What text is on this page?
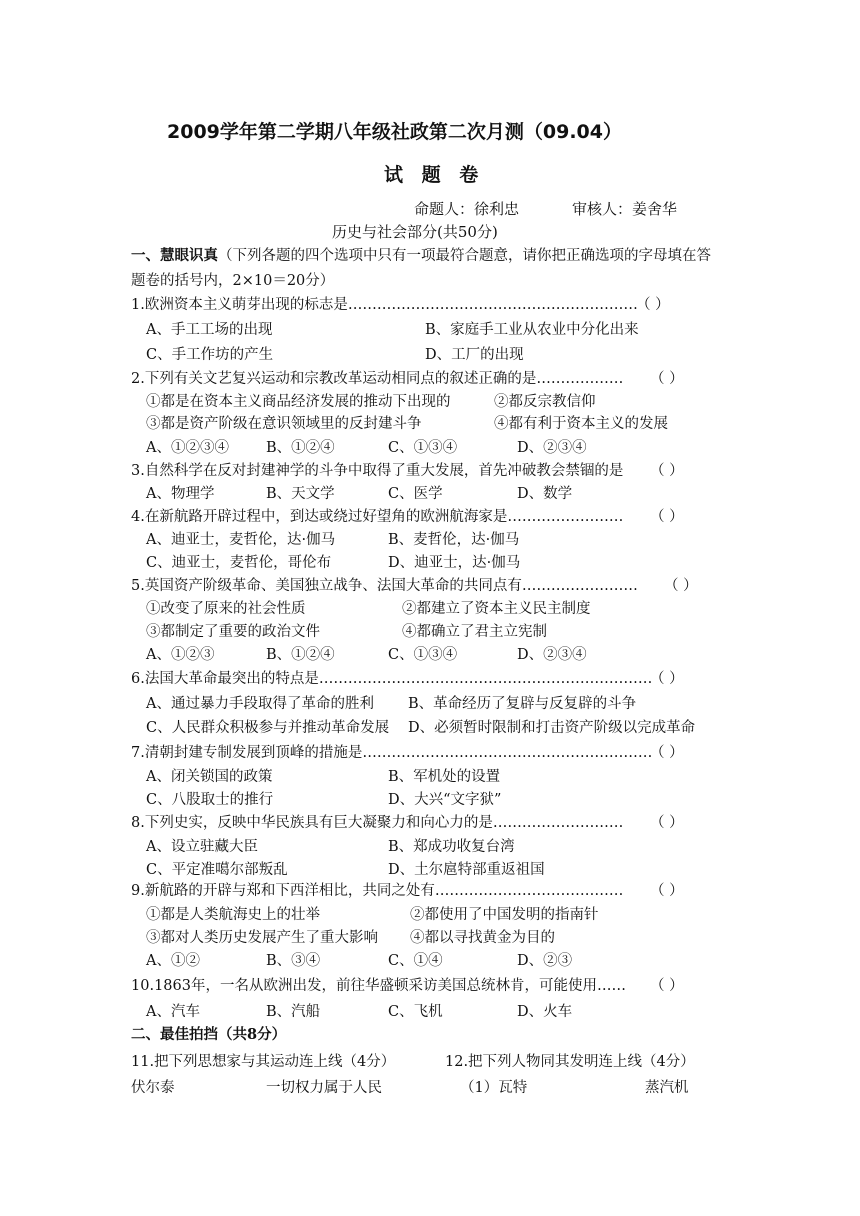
2009学年第二学期八年级社政第二次月测（09.04）
试 题 卷
命题人：徐利忠	审核人：姜舍华
历史与社会部分(共50分)
一、慧眼识真（下列各题的四个选项中只有一项最符合题意，请你把正确选项的字母填在答
题卷的括号内，2×10＝20分）
1.欧洲资本主义萌芽出现的标志是……………………………………………………
（ ）
A、手工工场的出现	B、家庭手工业从农业中分化出来
C、手工作坊的产生	D、工厂的出现
2.下列有关文艺复兴运动和宗教改革运动相同点的叙述正确的是……………… （ ）
①都是在资本主义商品经济发展的推动下出现的	②都反宗教信仰
③都是资产阶级在意识领域里的反封建斗争	④都有利于资本主义的发展
A、①②③④	B、①②④	C、①③④	D、②③④
3.自然科学在反对封建神学的斗争中取得了重大发展，首先冲破教会禁锢的是 （ ）
A、物理学	B、天文学	C、医学	D、数学
4.在新航路开辟过程中，到达或绕过好望角的欧洲航海家是…………………… （ ）
A、迪亚士，麦哲伦，达·伽马	B、麦哲伦，达·伽马
C、迪亚士，麦哲伦，哥伦布	D、迪亚士，达·伽马
5.英国资产阶级革命、美国独立战争、法国大革命的共同点有…………………… （ ）
①改变了原来的社会性质	②都建立了资本主义民主制度
③都制定了重要的政治文件	④都确立了君主立宪制
A、①②③	B、①②④	C、①③④	D、②③④
6.法国大革命最突出的特点是……………………………………………………………
（ ）
A、通过暴力手段取得了革命的胜利 B、革命经历了复辟与反复辟的斗争
C、人民群众积极参与并推动革命发展 D、必须暂时限制和打击资产阶级以完成革命
7.清朝封建专制发展到顶峰的措施是……………………………………………………
（ ）
A、闭关锁国的政策	B、军机处的设置
C、八股取士的推行	D、大兴“文字狱”
8.下列史实，反映中华民族具有巨大凝聚力和向心力的是……………………… （ ）
A、设立驻藏大臣	B、郑成功收复台湾
C、平定准噶尔部叛乱	D、土尔扈特部重返祖国
9.新航路的开辟与郑和下西洋相比，共同之处有………………………………… （ ）
①都是人类航海史上的壮举	②都使用了中国发明的指南针
③都对人类历史发展产生了重大影响 ④都以寻找黄金为目的
A、①②	B、③④	C、①④	D、②③
10.1863年，一名从欧洲出发，前往华盛顿采访美国总统林肯，可能使用…… （ ）
A、汽车	B、汽船	C、飞机	D、火车
二、最佳拍挡（共8分）
11.把下列思想家与其运动连上线（4分）	12.把下列人物同其发明连上线（4分）
伏尔泰	一切权力属于人民	（1）瓦特	蒸汽机
